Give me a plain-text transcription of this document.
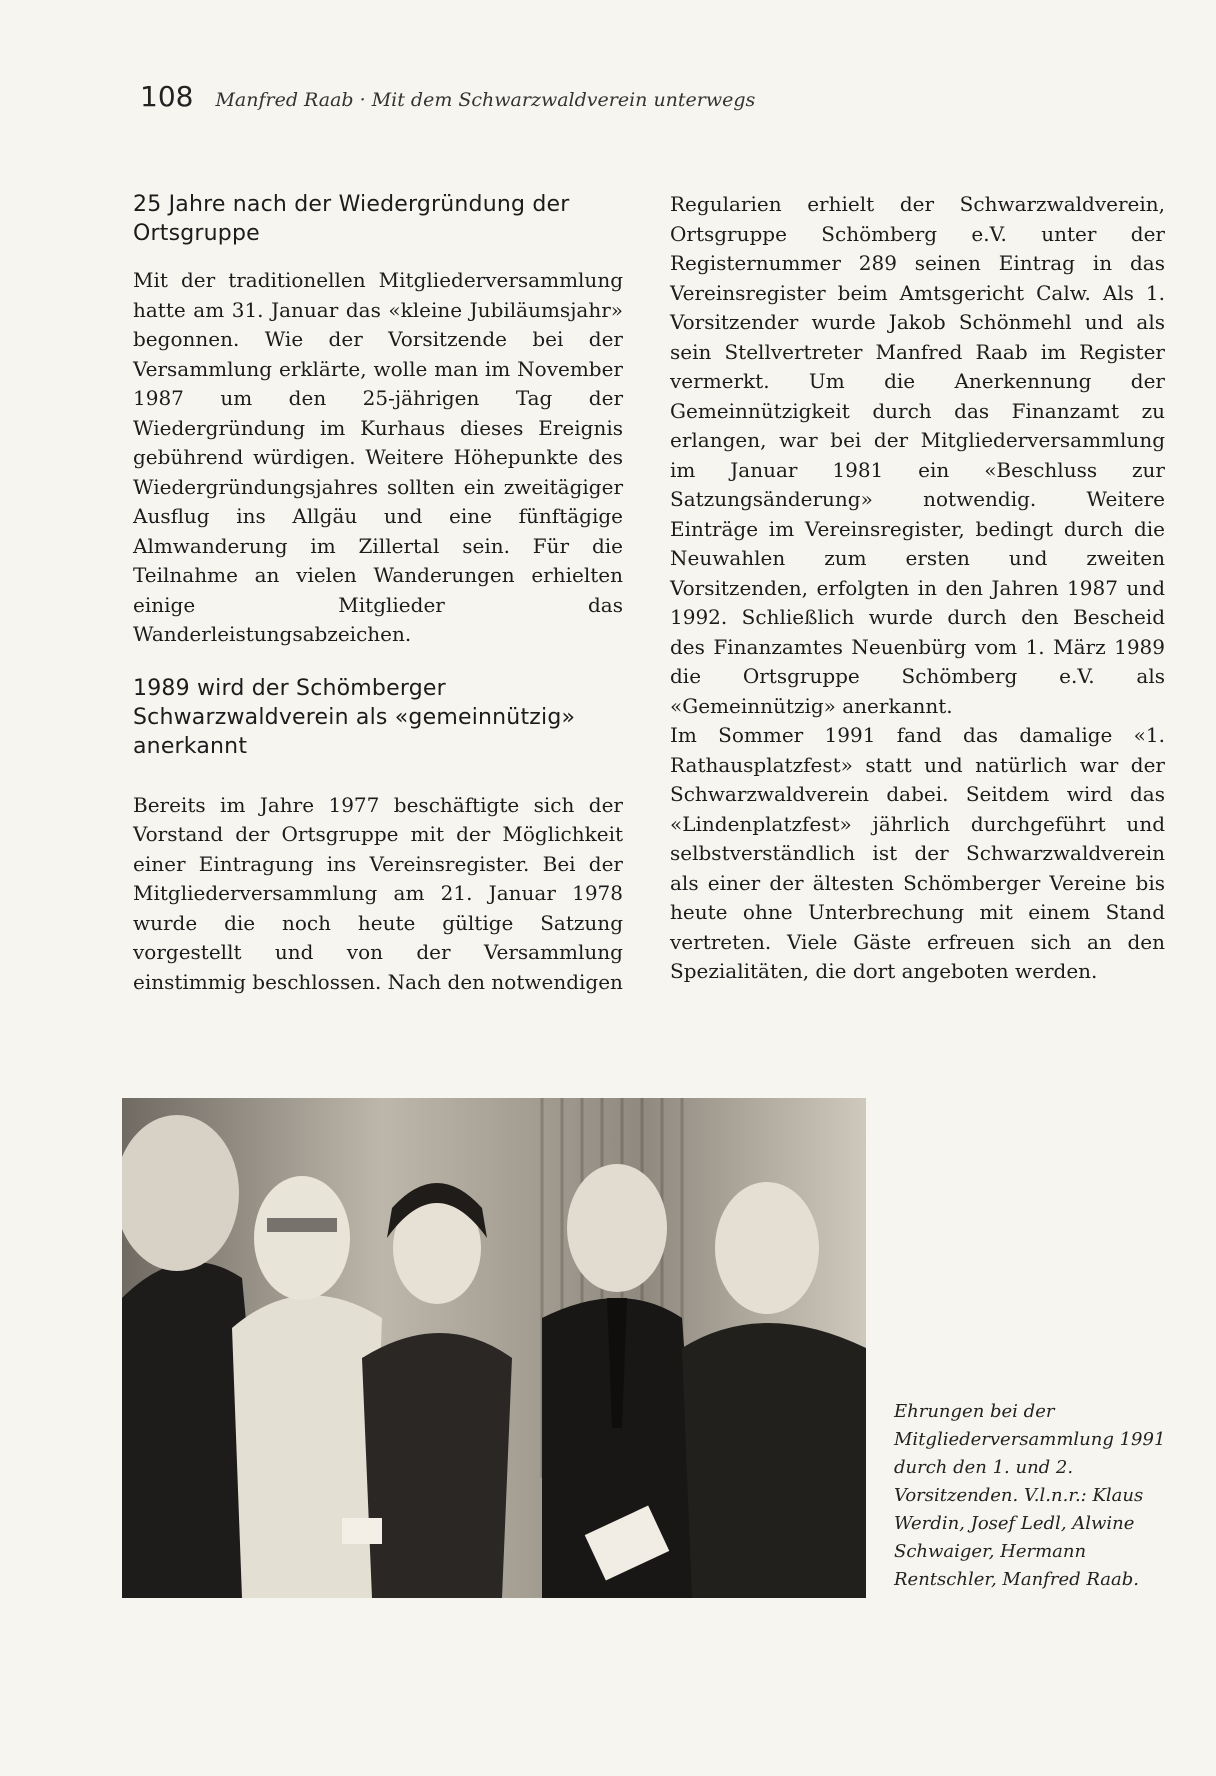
108 Manfred Raab · Mit dem Schwarzwaldverein unterwegs
25 Jahre nach der Wiedergründung der Ortsgruppe

Mit der traditionellen Mitgliederversammlung hatte am 31. Januar das «kleine Jubiläumsjahr» begonnen. Wie der Vorsitzende bei der Versammlung erklärte, wolle man im November 1987 um den 25-jährigen Tag der Wiedergründung im Kurhaus dieses Ereignis gebührend würdigen. Weitere Höhepunkte des Wiedergründungsjahres sollten ein zweitägiger Ausflug ins Allgäu und eine fünftägige Almwanderung im Zillertal sein. Für die Teilnahme an vielen Wanderungen erhielten einige Mitglieder das Wanderleistungsabzeichen.

1989 wird der Schömberger Schwarzwaldverein als «gemeinnützig» anerkannt

Bereits im Jahre 1977 beschäftigte sich der Vorstand der Ortsgruppe mit der Möglichkeit einer Eintragung ins Vereinsregister. Bei der Mitgliederversammlung am 21. Januar 1978 wurde die noch heute gültige Satzung vorgestellt und von der Versammlung einstimmig beschlossen. Nach den notwendigen

Regularien erhielt der Schwarzwaldverein, Ortsgruppe Schömberg e.V. unter der Registernummer 289 seinen Eintrag in das Vereinsregister beim Amtsgericht Calw. Als 1. Vorsitzender wurde Jakob Schönmehl und als sein Stellvertreter Manfred Raab im Register vermerkt. Um die Anerkennung der Gemeinnützigkeit durch das Finanzamt zu erlangen, war bei der Mitgliederversammlung im Januar 1981 ein «Beschluss zur Satzungsänderung» notwendig. Weitere Einträge im Vereinsregister, bedingt durch die Neuwahlen zum ersten und zweiten Vorsitzenden, erfolgten in den Jahren 1987 und 1992. Schließlich wurde durch den Bescheid des Finanzamtes Neuenbürg vom 1. März 1989 die Ortsgruppe Schömberg e.V. als «Gemeinnützig» anerkannt.

Im Sommer 1991 fand das damalige «1. Rathausplatzfest» statt und natürlich war der Schwarzwaldverein dabei. Seitdem wird das «Lindenplatzfest» jährlich durchgeführt und selbstverständlich ist der Schwarzwaldverein als einer der ältesten Schömberger Vereine bis heute ohne Unterbrechung mit einem Stand vertreten. Viele Gäste erfreuen sich an den Spezialitäten, die dort angeboten werden.

Ehrungen bei der Mitgliederversammlung 1991 durch den 1. und 2. Vorsitzenden. V.l.n.r.: Klaus Werdin, Josef Ledl, Alwine Schwaiger, Hermann Rentschler, Manfred Raab.
